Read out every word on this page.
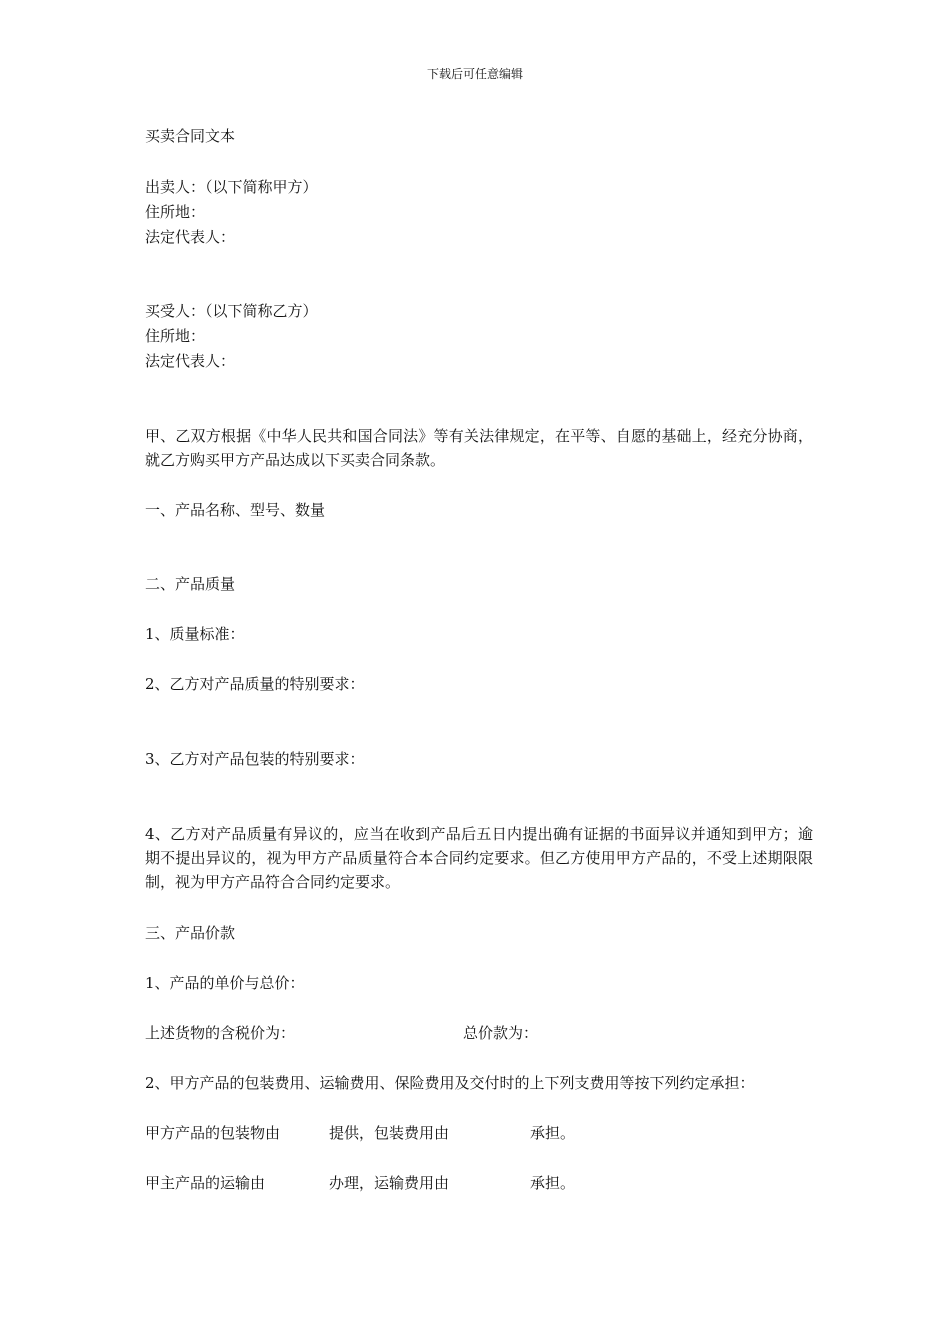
下载后可任意编辑
买卖合同文本
出卖人：（以下简称甲方）
住所地：
法定代表人：
买受人：（以下简称乙方）
住所地：
法定代表人：
甲、乙双方根据《中华人民共和国合同法》等有关法律规定，在平等、自愿的基础上，经充分协商，就乙方购买甲方产品达成以下买卖合同条款。
一、产品名称、型号、数量
二、产品质量
1、质量标准：
2、乙方对产品质量的特别要求：
3、乙方对产品包装的特别要求：
4、乙方对产品质量有异议的，应当在收到产品后五日内提出确有证据的书面异议并通知到甲方；逾期不提出异议的，视为甲方产品质量符合本合同约定要求。但乙方使用甲方产品的，不受上述期限限制，视为甲方产品符合合同约定要求。
三、产品价款
1、产品的单价与总价：
上述货物的含税价为：	总价款为：
2、甲方产品的包装费用、运输费用、保险费用及交付时的上下列支费用等按下列约定承担：
甲方产品的包装物由	提供，包装费用由	承担。
甲主产品的运输由	办理，运输费用由	承担。
